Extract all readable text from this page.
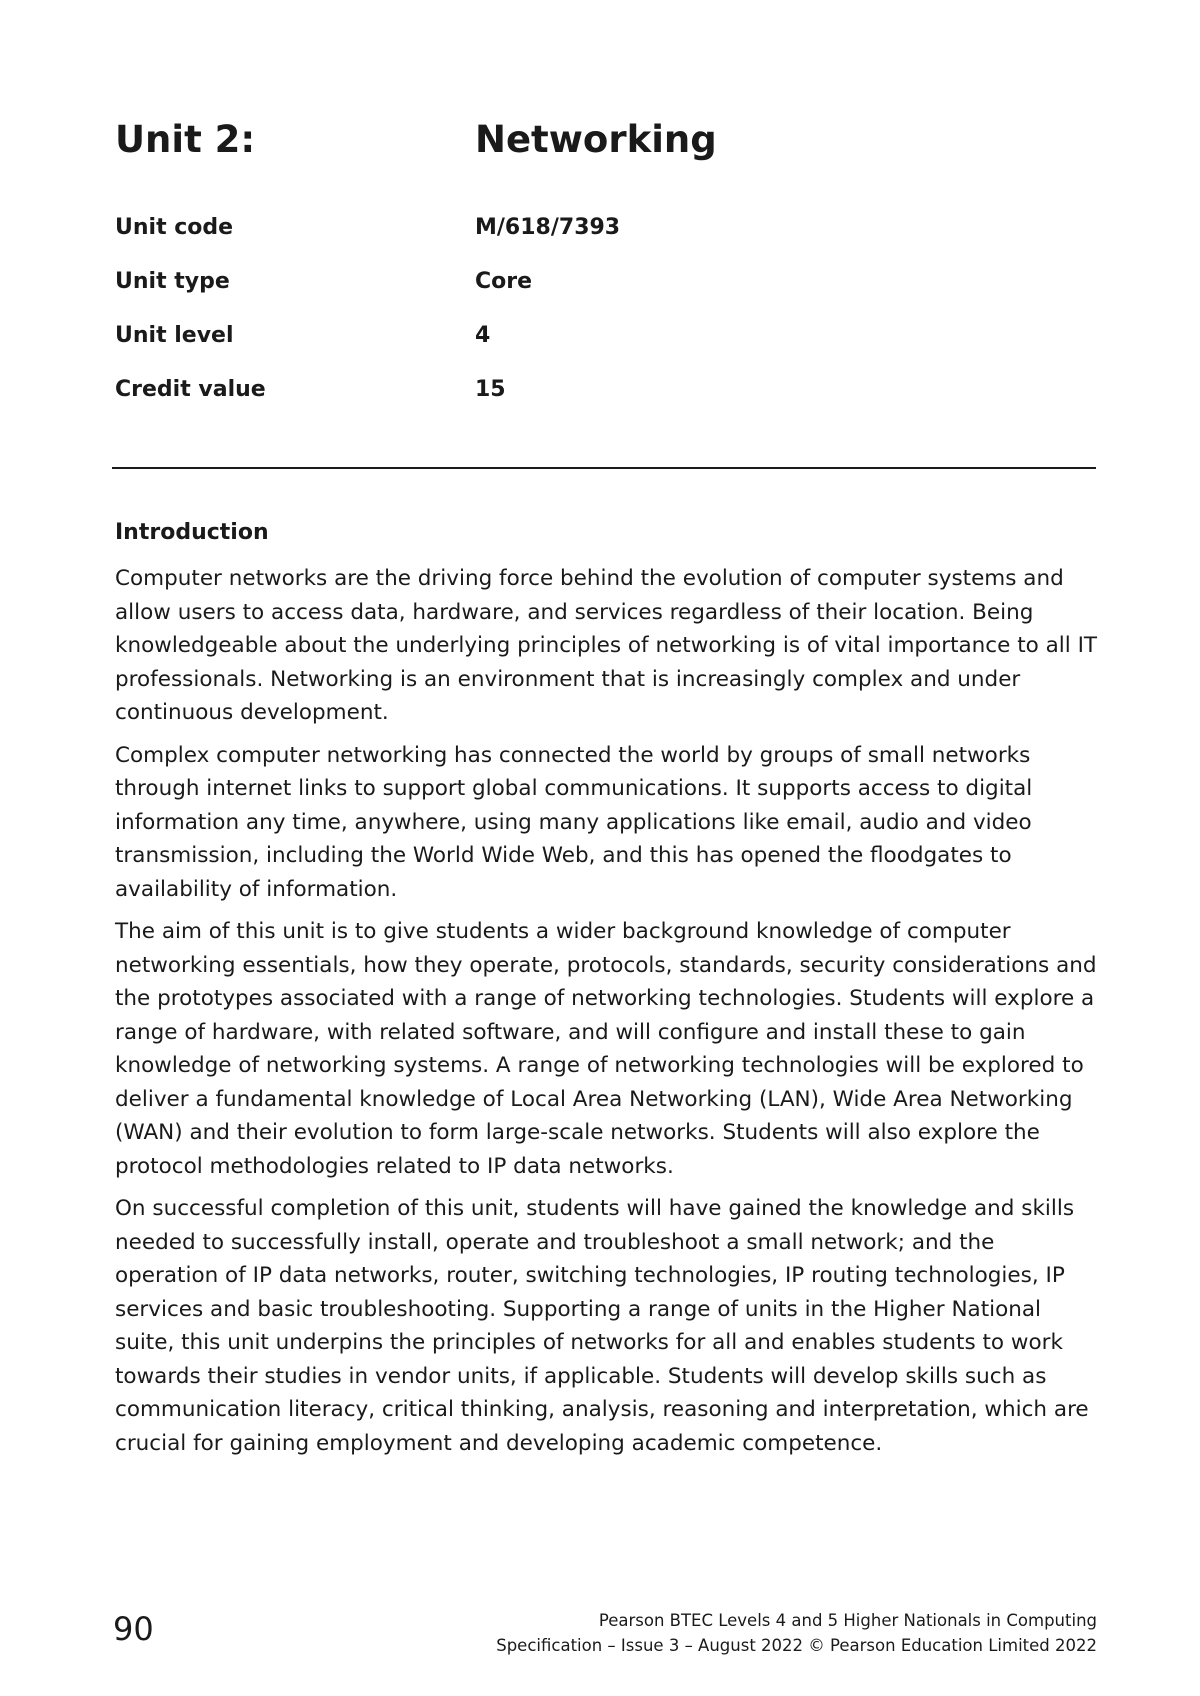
Unit 2:	Networking
Unit code	M/618/7393
Unit type	Core
Unit level	4
Credit value	15
Introduction

Computer networks are the driving force behind the evolution of computer systems and allow users to access data, hardware, and services regardless of their location. Being knowledgeable about the underlying principles of networking is of vital importance to all IT professionals. Networking is an environment that is increasingly complex and under continuous development.

Complex computer networking has connected the world by groups of small networks through internet links to support global communications. It supports access to digital information any time, anywhere, using many applications like email, audio and video transmission, including the World Wide Web, and this has opened the floodgates to availability of information.

The aim of this unit is to give students a wider background knowledge of computer networking essentials, how they operate, protocols, standards, security considerations and the prototypes associated with a range of networking technologies. Students will explore a range of hardware, with related software, and will configure and install these to gain knowledge of networking systems. A range of networking technologies will be explored to deliver a fundamental knowledge of Local Area Networking (LAN), Wide Area Networking (WAN) and their evolution to form large-scale networks. Students will also explore the protocol methodologies related to IP data networks.

On successful completion of this unit, students will have gained the knowledge and skills needed to successfully install, operate and troubleshoot a small network; and the operation of IP data networks, router, switching technologies, IP routing technologies, IP services and basic troubleshooting. Supporting a range of units in the Higher National suite, this unit underpins the principles of networks for all and enables students to work towards their studies in vendor units, if applicable. Students will develop skills such as communication literacy, critical thinking, analysis, reasoning and interpretation, which are crucial for gaining employment and developing academic competence.

90	Pearson BTEC Levels 4 and 5 Higher Nationals in Computing
Specification – Issue 3 – August 2022 © Pearson Education Limited 2022
